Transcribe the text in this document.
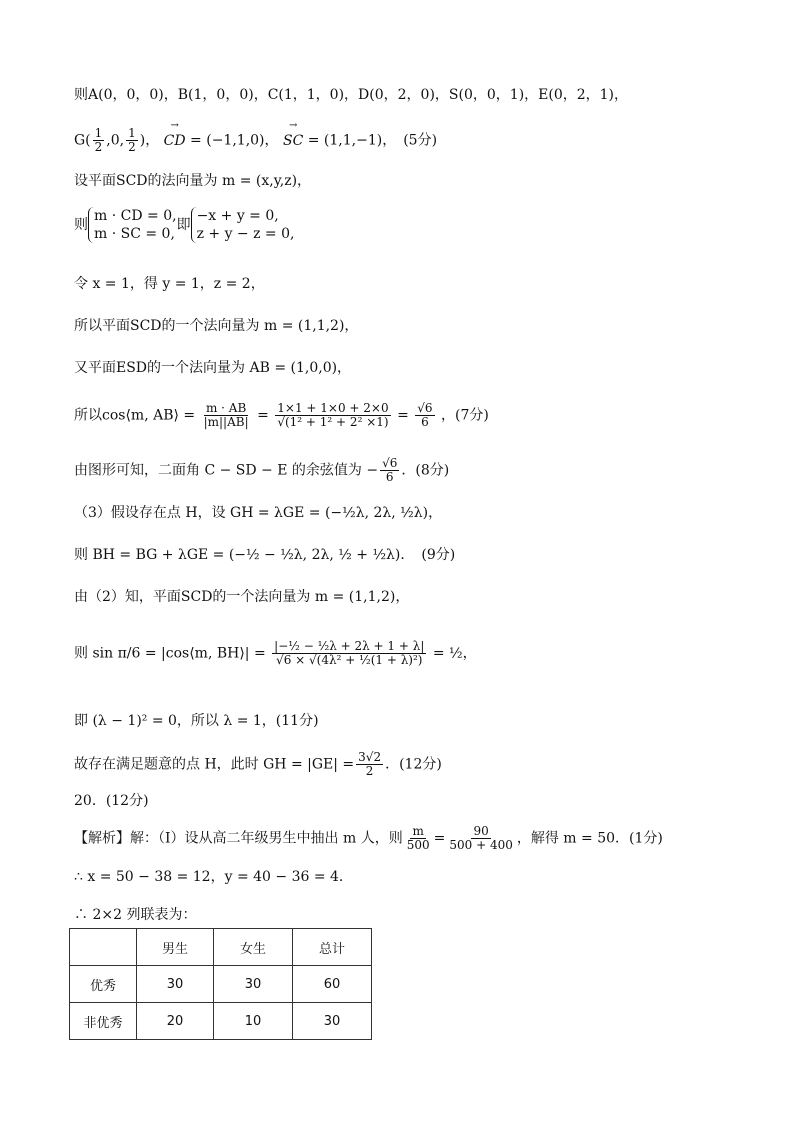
则A(0，0，0)，B(1，0，0)，C(1，1，0)，D(0，2，0)，S(0，0，1)，E(0，2，1)，
$G( \frac{1}{2} ,0$, $\frac{1}{2}$ )， → CD = (−1,1,0)， → SC = (1,1,−1)，　(5分)
设平面SCD的法向量为 m = (x,y,z)，
则
m · CD = 0,
m · SC = 0,
即
−x + y = 0,
z + y − z = 0,
令 x = 1，得 y = 1，z = 2，
所以平面SCD的一个法向量为 m = (1,1,2)，
又平面ESD的一个法向量为 AB = (1,0,0)，
所以cos⟨m, AB⟩ = $\frac{m \cdot AB}{|m||AB|} = \frac{1\times 1 + 1\times 0 + 2\times 0}{\text{√(1² + 1² + 2² ×1)}} = \frac{√6}{6}$ ，(7分)
由图形可知，二面角 C − SD − E 的余弦值为 − $\frac{√6}{6}$ ．(8分)
（3）假设存在点 H，设 GH = λGE = (−½λ, 2λ, ½λ)，
则 BH = BG + λGE = (−½ − ½λ, 2λ, ½ + ½λ)．　(9分)
由（2）知，平面SCD的一个法向量为 m = (1,1,2)，
则 sin π/6 = |cos⟨m, BH⟩| = $\frac{\text{|−½ − ½λ + 2λ + 1 + λ|}}{\text{√6 × √(4λ² + ½(1 + λ)²)}}$ = ½，
即 (λ − 1)² = 0，所以 λ = 1，(11分)
故存在满足题意的点 H，此时 GH = $|GE| = \frac{3√2}{2}$ ．(12分)
20．(12分)
【解析】解：（Ⅰ）设从高二年级男生中抽出 m 人，则 $\frac{m}{500} = \frac{90}{500 + 400}$ ，解得 m = 50．(1分)
∴ x = 50 − 38 = 12，y = 40 − 36 = 4．
∴ 2×2 列联表为：
	男生	女生	总计
优秀	30	30	60
非优秀	20	10	30
